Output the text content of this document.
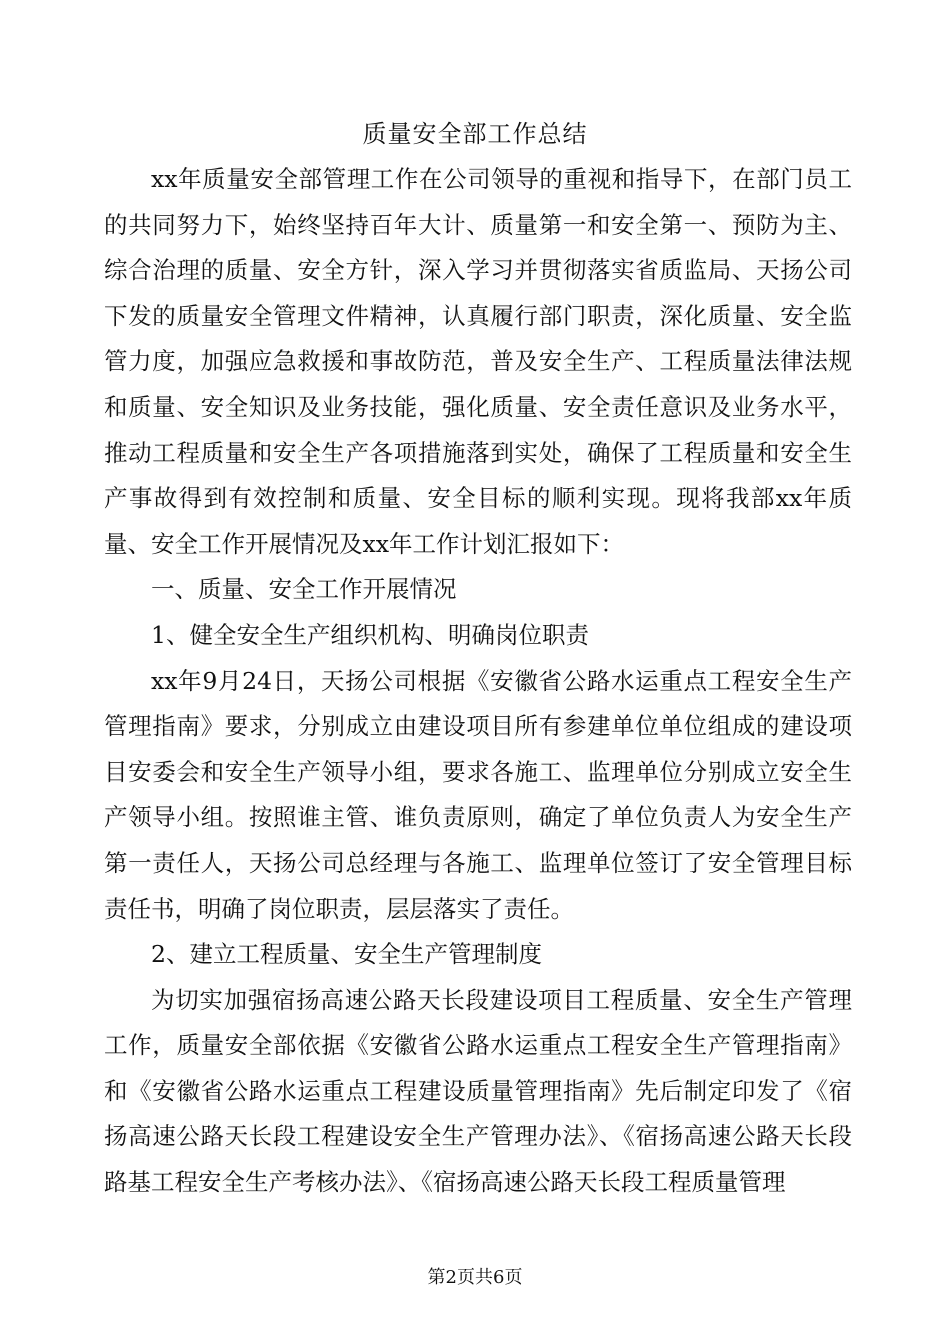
质量安全部工作总结

xx年质量安全部管理工作在公司领导的重视和指导下，在部门员工的共同努力下，始终坚持百年大计、质量第一和安全第一、预防为主、综合治理的质量、安全方针，深入学习并贯彻落实省质监局、天扬公司下发的质量安全管理文件精神，认真履行部门职责，深化质量、安全监管力度，加强应急救援和事故防范，普及安全生产、工程质量法律法规和质量、安全知识及业务技能，强化质量、安全责任意识及业务水平，推动工程质量和安全生产各项措施落到实处，确保了工程质量和安全生产事故得到有效控制和质量、安全目标的顺利实现。现将我部xx年质量、安全工作开展情况及xx年工作计划汇报如下：

一、质量、安全工作开展情况

1、健全安全生产组织机构、明确岗位职责

xx年9月24日，天扬公司根据《安徽省公路水运重点工程安全生产管理指南》要求，分别成立由建设项目所有参建单位单位组成的建设项目安委会和安全生产领导小组，要求各施工、监理单位分别成立安全生产领导小组。按照谁主管、谁负责原则，确定了单位负责人为安全生产第一责任人，天扬公司总经理与各施工、监理单位签订了安全管理目标责任书，明确了岗位职责，层层落实了责任。

2、建立工程质量、安全生产管理制度

为切实加强宿扬高速公路天长段建设项目工程质量、安全生产管理工作，质量安全部依据《安徽省公路水运重点工程安全生产管理指南》和《安徽省公路水运重点工程建设质量管理指南》先后制定印发了《宿扬高速公路天长段工程建设安全生产管理办法》、《宿扬高速公路天长段路基工程安全生产考核办法》、《宿扬高速公路天长段工程质量管理

第2页共6页
